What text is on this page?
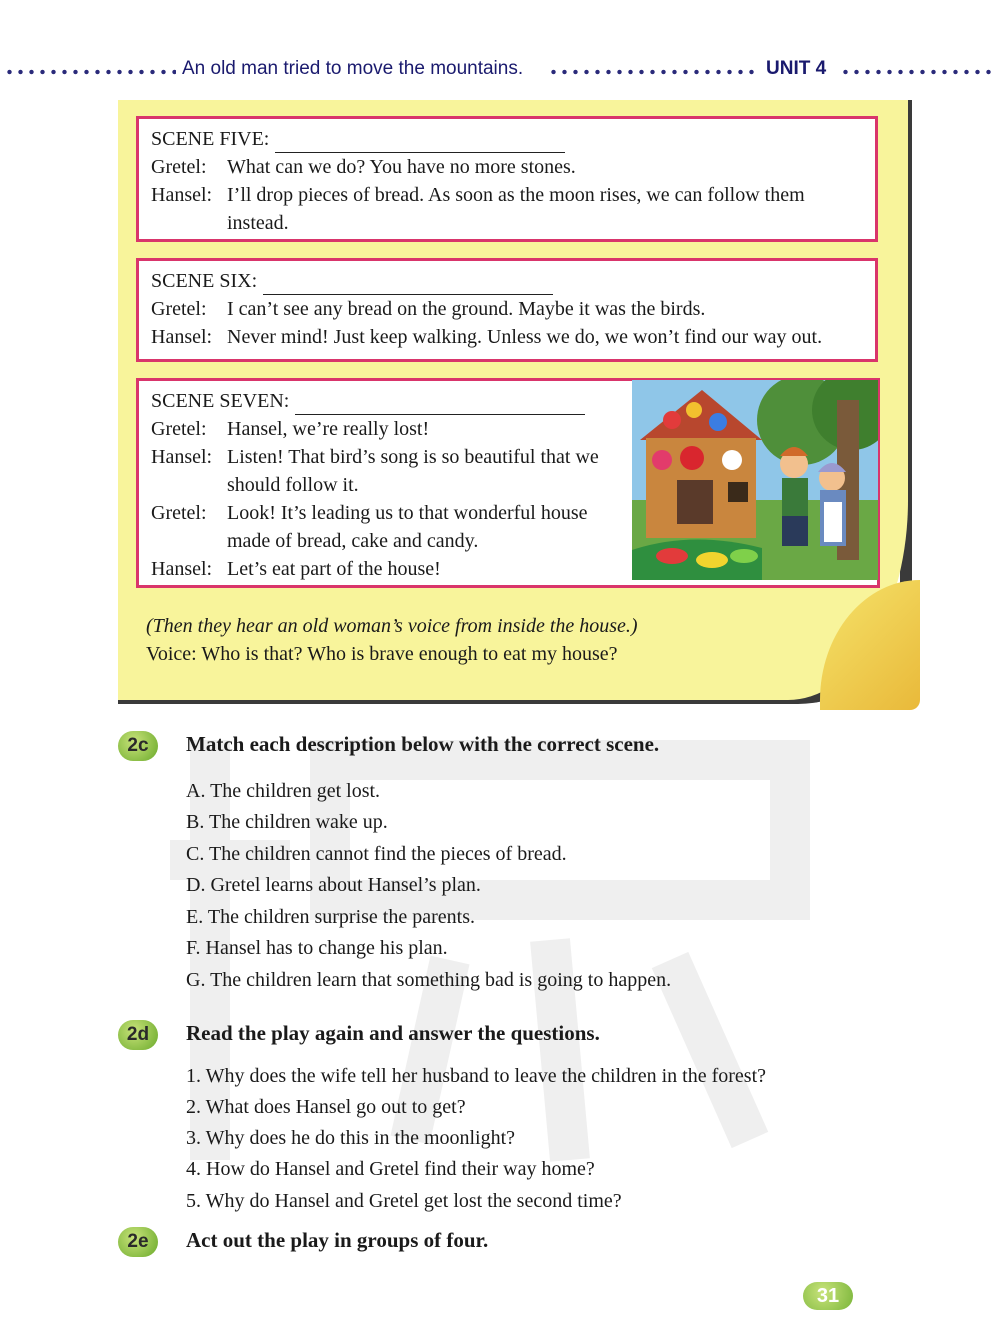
An old man tried to move the mountains.	UNIT 4
SCENE FIVE:
Gretel: What can we do? You have no more stones.
Hansel: I’ll drop pieces of bread. As soon as the moon rises, we can follow them
instead.
SCENE SIX:
Gretel: I can’t see any bread on the ground. Maybe it was the birds.
Hansel: Never mind! Just keep walking. Unless we do, we won’t find our way out.
SCENE SEVEN:
Gretel: Hansel, we’re really lost!
Hansel: Listen! That bird’s song is so beautiful that we
should follow it.
Gretel: Look! It’s leading us to that wonderful house
made of bread, cake and candy.
Hansel: Let’s eat part of the house!
(Then they hear an old woman’s voice from inside the house.)
Voice: Who is that? Who is brave enough to eat my house?
2c	Match each description below with the correct scene.
A. The children get lost.
B. The children wake up.
C. The children cannot find the pieces of bread.
D. Gretel learns about Hansel’s plan.
E. The children surprise the parents.
F. Hansel has to change his plan.
G. The children learn that something bad is going to happen.
2d	Read the play again and answer the questions.
1. Why does the wife tell her husband to leave the children in the forest?
2. What does Hansel go out to get?
3. Why does he do this in the moonlight?
4. How do Hansel and Gretel find their way home?
5. Why do Hansel and Gretel get lost the second time?
2e	Act out the play in groups of four.
31
